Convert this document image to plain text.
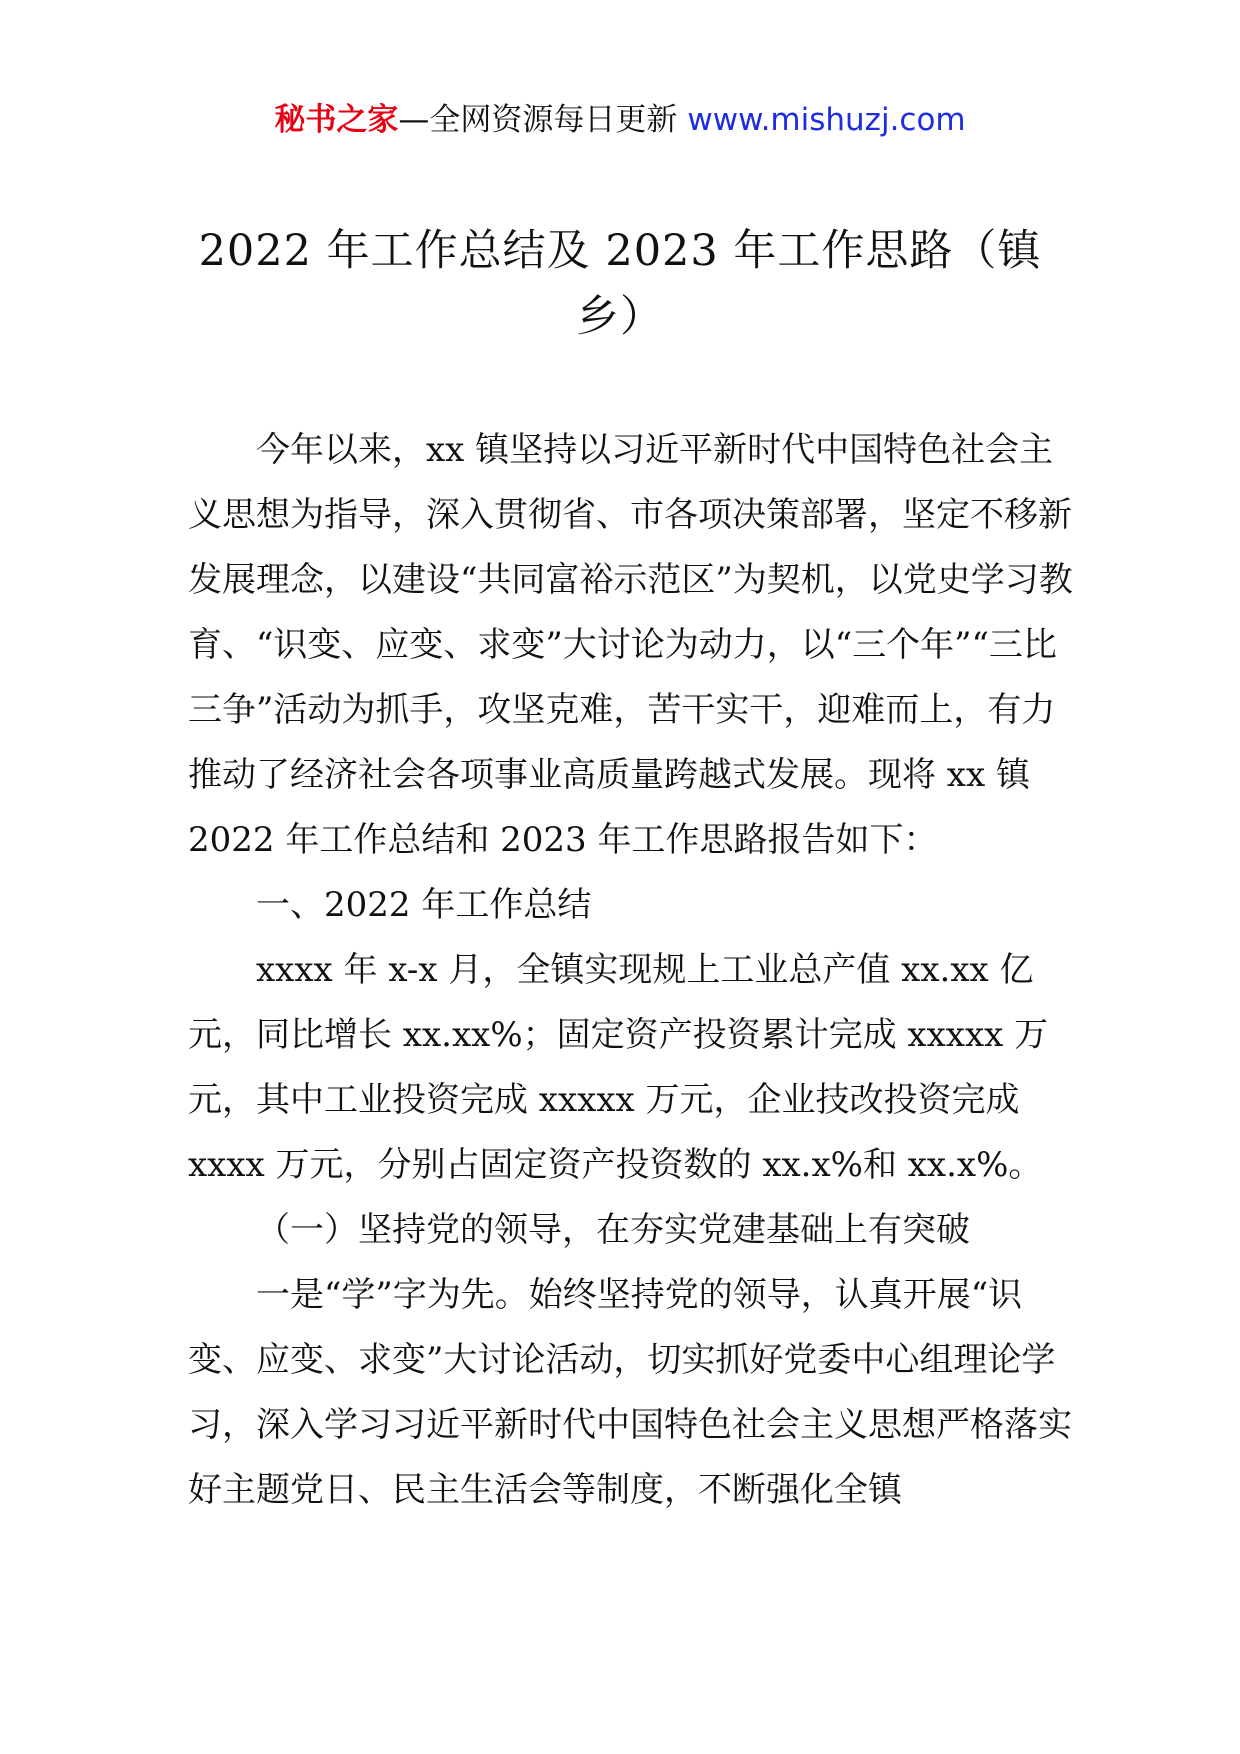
秘书之家—全网资源每日更新 www.mishuzj.com
2022 年工作总结及 2023 年工作思路（镇乡）

今年以来，xx 镇坚持以习近平新时代中国特色社会主义思想为指导，深入贯彻省、市各项决策部署，坚定不移新发展理念，以建设“共同富裕示范区”为契机，以党史学习教育、“识变、应变、求变”大讨论为动力，以“三个年”“三比三争”活动为抓手，攻坚克难，苦干实干，迎难而上，有力推动了经济社会各项事业高质量跨越式发展。现将 xx 镇 2022 年工作总结和 2023 年工作思路报告如下：

一、2022 年工作总结

xxxx 年 x-x 月，全镇实现规上工业总产值 xx.xx 亿元，同比增长 xx.xx%；固定资产投资累计完成 xxxxx 万元，其中工业投资完成 xxxxx 万元，企业技改投资完成 xxxx 万元，分别占固定资产投资数的 xx.x%和 xx.x%。

（一）坚持党的领导，在夯实党建基础上有突破

一是“学”字为先。始终坚持党的领导，认真开展“识变、应变、求变”大讨论活动，切实抓好党委中心组理论学习，深入学习习近平新时代中国特色社会主义思想严格落实好主题党日、民主生活会等制度，不断强化全镇
